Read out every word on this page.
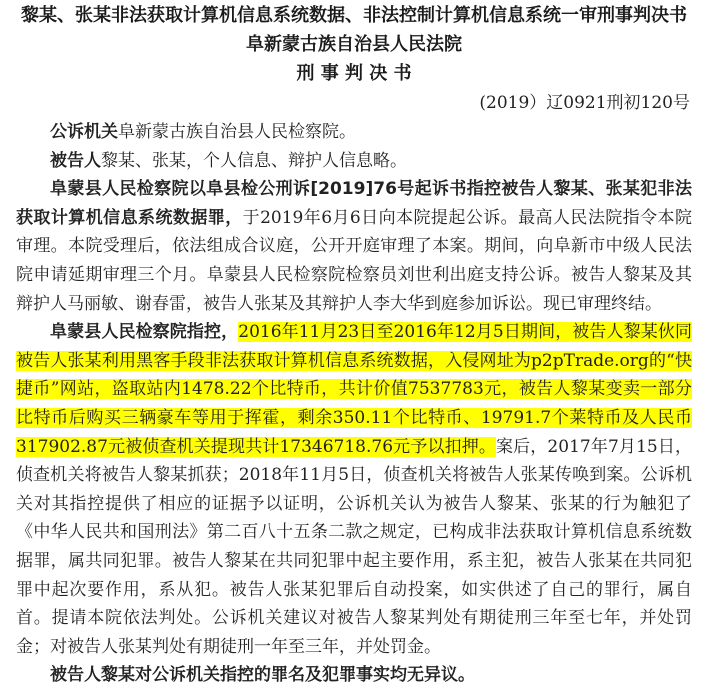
黎某、张某非法获取计算机信息系统数据、非法控制计算机信息系统一审刑事判决书
阜新蒙古族自治县人民法院
刑 事 判 决 书
(2019）辽0921刑初120号

公诉机关阜新蒙古族自治县人民检察院。

被告人黎某、张某，个人信息、辩护人信息略。

阜蒙县人民检察院以阜县检公刑诉[2019]76号起诉书指控被告人黎某、张某犯非法获取计算机信息系统数据罪，于2019年6月6日向本院提起公诉。最高人民法院指令本院审理。本院受理后，依法组成合议庭，公开开庭审理了本案。期间，向阜新市中级人民法院申请延期审理三个月。阜蒙县人民检察院检察员刘世利出庭支持公诉。被告人黎某及其辩护人马丽敏、谢春雷，被告人张某及其辩护人李大华到庭参加诉讼。现已审理终结。

阜蒙县人民检察院指控，2016年11月23日至2016年12月5日期间，被告人黎某伙同被告人张某利用黑客手段非法获取计算机信息系统数据，入侵网址为p2pTrade.org的“快捷币”网站，盗取站内1478.22个比特币，共计价值7537783元，被告人黎某变卖一部分比特币后购买三辆豪车等用于挥霍，剩余350.11个比特币、19791.7个莱特币及人民币317902.87元被侦查机关提现共计17346718.76元予以扣押。案后，2017年7月15日，侦查机关将被告人黎某抓获；2018年11月5日，侦查机关将被告人张某传唤到案。公诉机关对其指控提供了相应的证据予以证明，公诉机关认为被告人黎某、张某的行为触犯了《中华人民共和国刑法》第二百八十五条二款之规定，已构成非法获取计算机信息系统数据罪，属共同犯罪。被告人黎某在共同犯罪中起主要作用，系主犯，被告人张某在共同犯罪中起次要作用，系从犯。被告人张某犯罪后自动投案，如实供述了自己的罪行，属自首。提请本院依法判处。公诉机关建议对被告人黎某判处有期徒刑三年至七年，并处罚金；对被告人张某判处有期徒刑一年至三年，并处罚金。

被告人黎某对公诉机关指控的罪名及犯罪事实均无异议。
